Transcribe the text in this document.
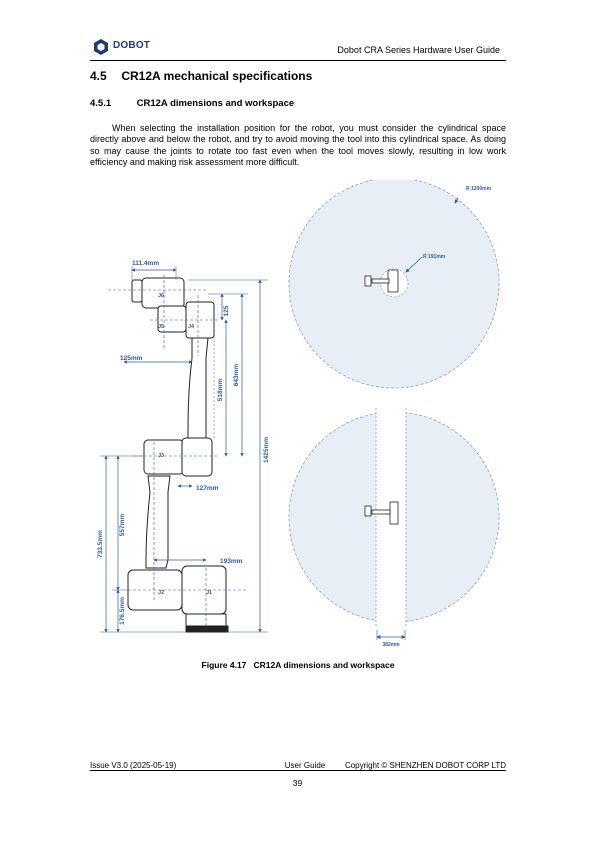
DOBOT	Dobot CRA Series Hardware User Guide
4.5 CR12A mechanical specifications
4.5.1	CR12A dimensions and workspace

When selecting the installation position for the robot, you must consider the cylindrical space directly above and below the robot, and try to avoid moving the tool into this cylindrical space. As doing so may cause the joints to rotate too fast even when the tool moves slowly, resulting in low work efficiency and making risk assessment more difficult.

R 1200mm
R 191mm
382mm
J6
J5	J4
J3
J2	J1
111.4mm
125
125mm
643mm
518mm
1425mm
127mm
557mm
733.5mm
193mm
176.5mm
Figure 4.17 CR12A dimensions and workspace
Issue V3.0 (2025-05-19)	User Guide	Copyright © SHENZHEN DOBOT CORP LTD
39
